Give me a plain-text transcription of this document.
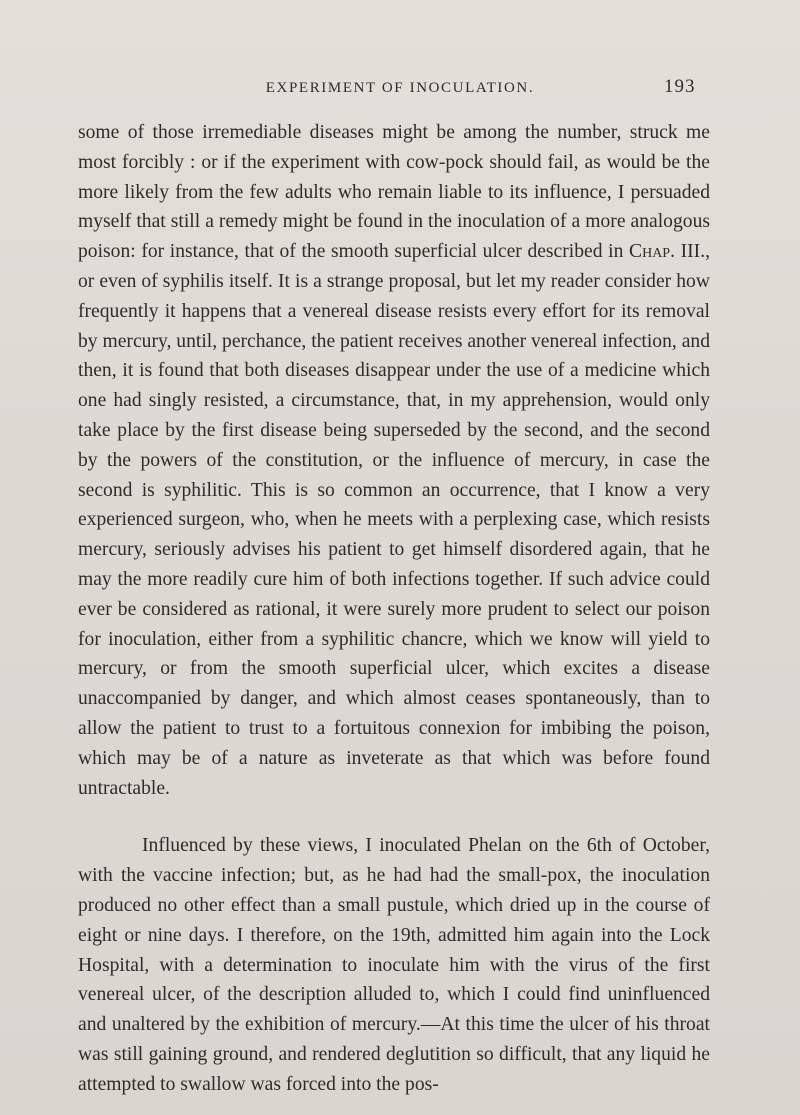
EXPERIMENT OF INOCULATION.	193

some of those irremediable diseases might be among the number, struck me most forcibly : or if the experiment with cow-pock should fail, as would be the more likely from the few adults who remain liable to its influence, I persuaded myself that still a remedy might be found in the inoculation of a more analogous poison: for instance, that of the smooth superficial ulcer described in Chap. III., or even of syphilis itself. It is a strange proposal, but let my reader consider how frequently it happens that a venereal disease resists every effort for its removal by mercury, until, perchance, the patient receives another venereal infection, and then, it is found that both diseases disappear under the use of a medicine which one had singly resisted, a circumstance, that, in my apprehension, would only take place by the first disease being superseded by the second, and the second by the powers of the constitution, or the influence of mercury, in case the second is syphilitic. This is so common an occurrence, that I know a very experienced surgeon, who, when he meets with a perplexing case, which resists mercury, seriously advises his patient to get himself disordered again, that he may the more readily cure him of both infections together. If such advice could ever be considered as rational, it were surely more prudent to select our poison for inoculation, either from a syphilitic chancre, which we know will yield to mercury, or from the smooth superficial ulcer, which excites a disease unaccompanied by danger, and which almost ceases spontaneously, than to allow the patient to trust to a fortuitous connexion for imbibing the poison, which may be of a nature as inveterate as that which was before found untractable.

Influenced by these views, I inoculated Phelan on the 6th of October, with the vaccine infection; but, as he had had the small-pox, the inoculation produced no other effect than a small pustule, which dried up in the course of eight or nine days. I therefore, on the 19th, admitted him again into the Lock Hospital, with a determination to inoculate him with the virus of the first venereal ulcer, of the description alluded to, which I could find uninfluenced and unaltered by the exhibition of mercury.—At this time the ulcer of his throat was still gaining ground, and rendered deglutition so difficult, that any liquid he attempted to swallow was forced into the pos-
